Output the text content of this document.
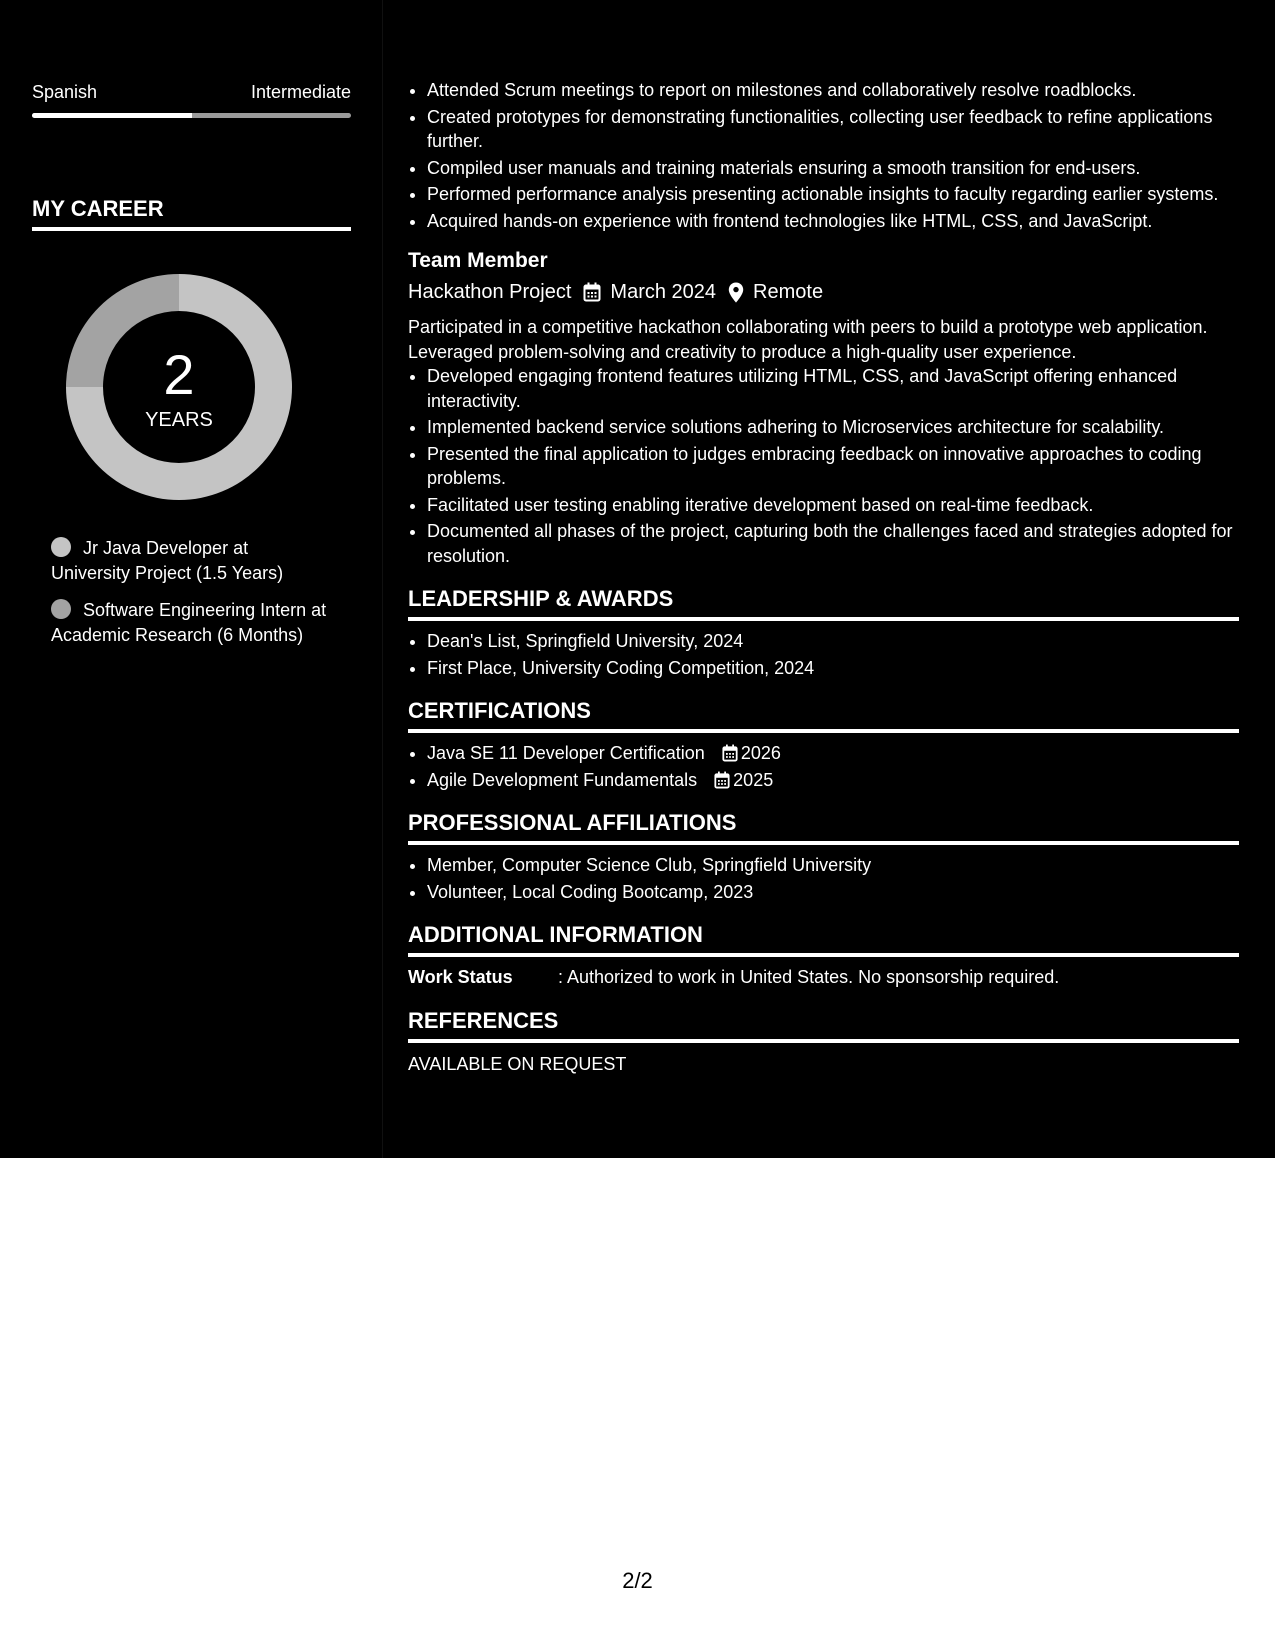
Spanish	Intermediate
MY CAREER
2
YEARS
Jr Java Developer at University Project (1.5 Years)
Software Engineering Intern at Academic Research (6 Months)
• Attended Scrum meetings to report on milestones and collaboratively resolve roadblocks.
• Created prototypes for demonstrating functionalities, collecting user feedback to refine applications further.
• Compiled user manuals and training materials ensuring a smooth transition for end-users.
• Performed performance analysis presenting actionable insights to faculty regarding earlier systems.
• Acquired hands-on experience with frontend technologies like HTML, CSS, and JavaScript.
Team Member
Hackathon Project March 2024 Remote
Participated in a competitive hackathon collaborating with peers to build a prototype web application. Leveraged problem-solving and creativity to produce a high-quality user experience.
• Developed engaging frontend features utilizing HTML, CSS, and JavaScript offering enhanced interactivity.
• Implemented backend service solutions adhering to Microservices architecture for scalability.
• Presented the final application to judges embracing feedback on innovative approaches to coding problems.
• Facilitated user testing enabling iterative development based on real-time feedback.
• Documented all phases of the project, capturing both the challenges faced and strategies adopted for resolution.
LEADERSHIP & AWARDS
• Dean's List, Springfield University, 2024
• First Place, University Coding Competition, 2024
CERTIFICATIONS
• Java SE 11 Developer Certification 2026
• Agile Development Fundamentals 2025
PROFESSIONAL AFFILIATIONS
• Member, Computer Science Club, Springfield University
• Volunteer, Local Coding Bootcamp, 2023
ADDITIONAL INFORMATION
Work Status	: Authorized to work in United States. No sponsorship required.
REFERENCES
AVAILABLE ON REQUEST
2/2
